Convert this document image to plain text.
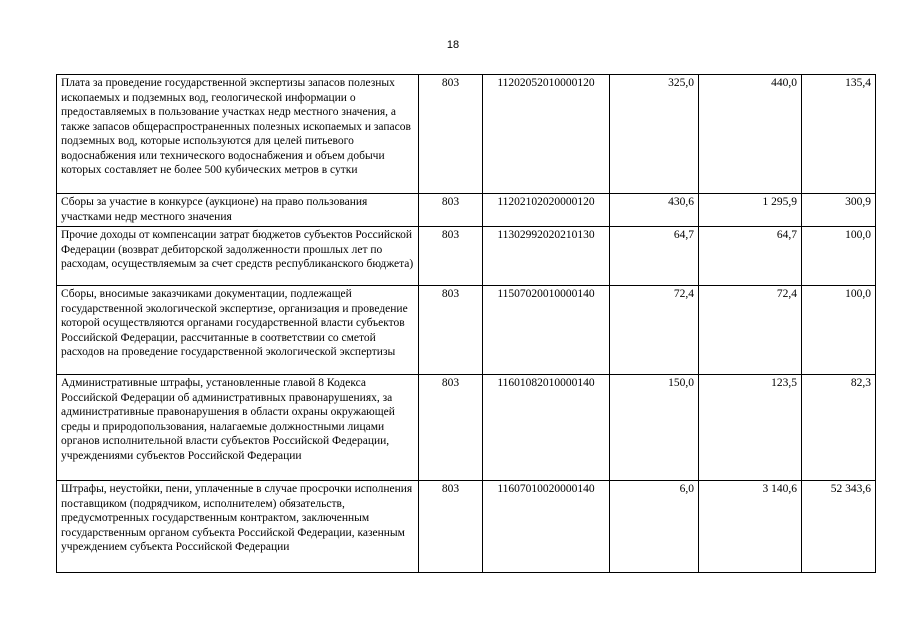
18
Плата за проведение государственной экспертизы запасов полезных ископаемых и подземных вод, геологической информации о предоставляемых в пользование участках недр местного значения, а также запасов общераспространенных полезных ископаемых и запасов подземных вод, которые используются для целей питьевого водоснабжения или технического водоснабжения и объем добычи которых составляет не более 500 кубических метров в сутки	803	11202052010000120	325,0	440,0	135,4
Сборы за участие в конкурсе (аукционе) на право пользования участками недр местного значения	803	11202102020000120	430,6	1 295,9	300,9
Прочие доходы от компенсации затрат бюджетов субъектов Российской Федерации (возврат дебиторской задолженности прошлых лет по расходам, осуществляемым за счет средств республиканского бюджета)	803	11302992020210130	64,7	64,7	100,0
Сборы, вносимые заказчиками документации, подлежащей государственной экологической экспертизе, организация и проведение которой осуществляются органами государственной власти субъектов Российской Федерации, рассчитанные в соответствии со сметой расходов на проведение государственной экологической экспертизы	803	11507020010000140	72,4	72,4	100,0
Административные штрафы, установленные главой 8 Кодекса Российской Федерации об административных правонарушениях, за административные правонарушения в области охраны окружающей среды и природопользования, налагаемые должностными лицами органов исполнительной власти субъектов Российской Федерации, учреждениями субъектов Российской Федерации	803	11601082010000140	150,0	123,5	82,3
Штрафы, неустойки, пени, уплаченные в случае просрочки исполнения поставщиком (подрядчиком, исполнителем) обязательств, предусмотренных государственным контрактом, заключенным государственным органом субъекта Российской Федерации, казенным учреждением субъекта Российской Федерации	803	11607010020000140	6,0	3 140,6	52 343,6
